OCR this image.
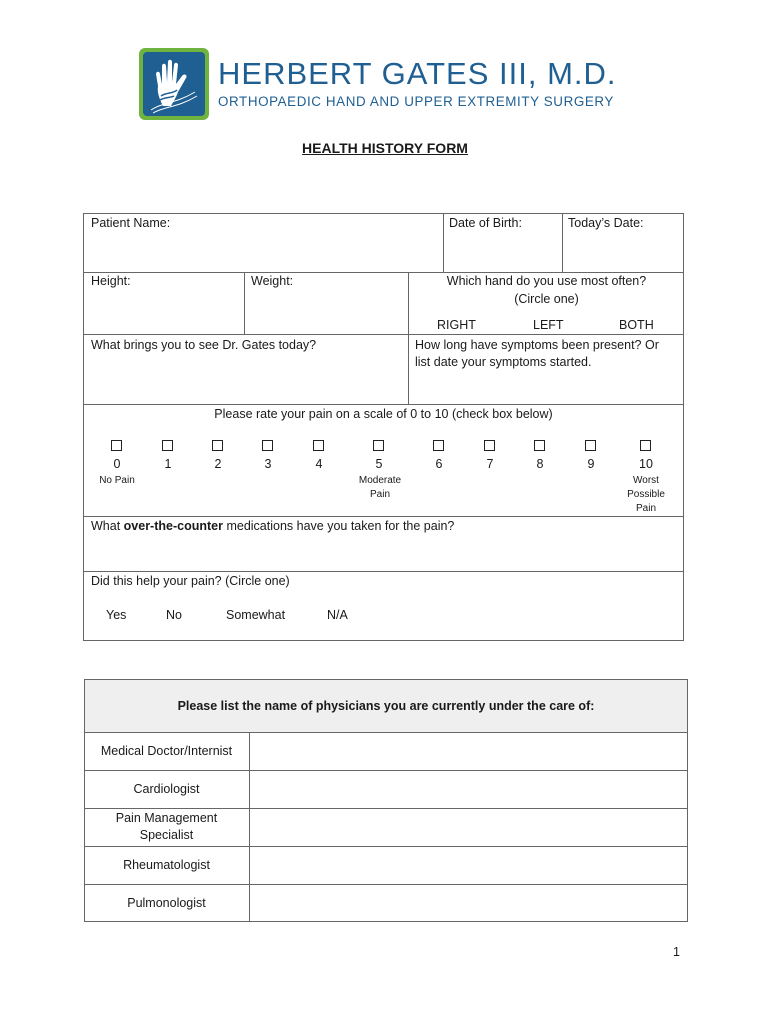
HERBERT GATES III, M.D.
ORTHOPAEDIC HAND AND UPPER EXTREMITY SURGERY
HEALTH HISTORY FORM
Patient Name:	Date of Birth:	Today’s Date:
Height:	Weight:	Which hand do you use most often?
(Circle one)
RIGHT	LEFT	BOTH
What brings you to see Dr. Gates today?	How long have symptoms been present? Or
list date your symptoms started.
Please rate your pain on a scale of 0 to 10 (check box below)
0	1	2	3	4	5	6	7	8	9	10
No Pain	Moderate
Pain
Worst
Possible
Pain
What over-the-counter medications have you taken for the pain?
Did this help your pain? (Circle one)
Yes	No	Somewhat	N/A
Please list the name of physicians you are currently under the care of:
Medical Doctor/Internist
Cardiologist
Pain Management
Specialist
Rheumatologist
Pulmonologist
1
